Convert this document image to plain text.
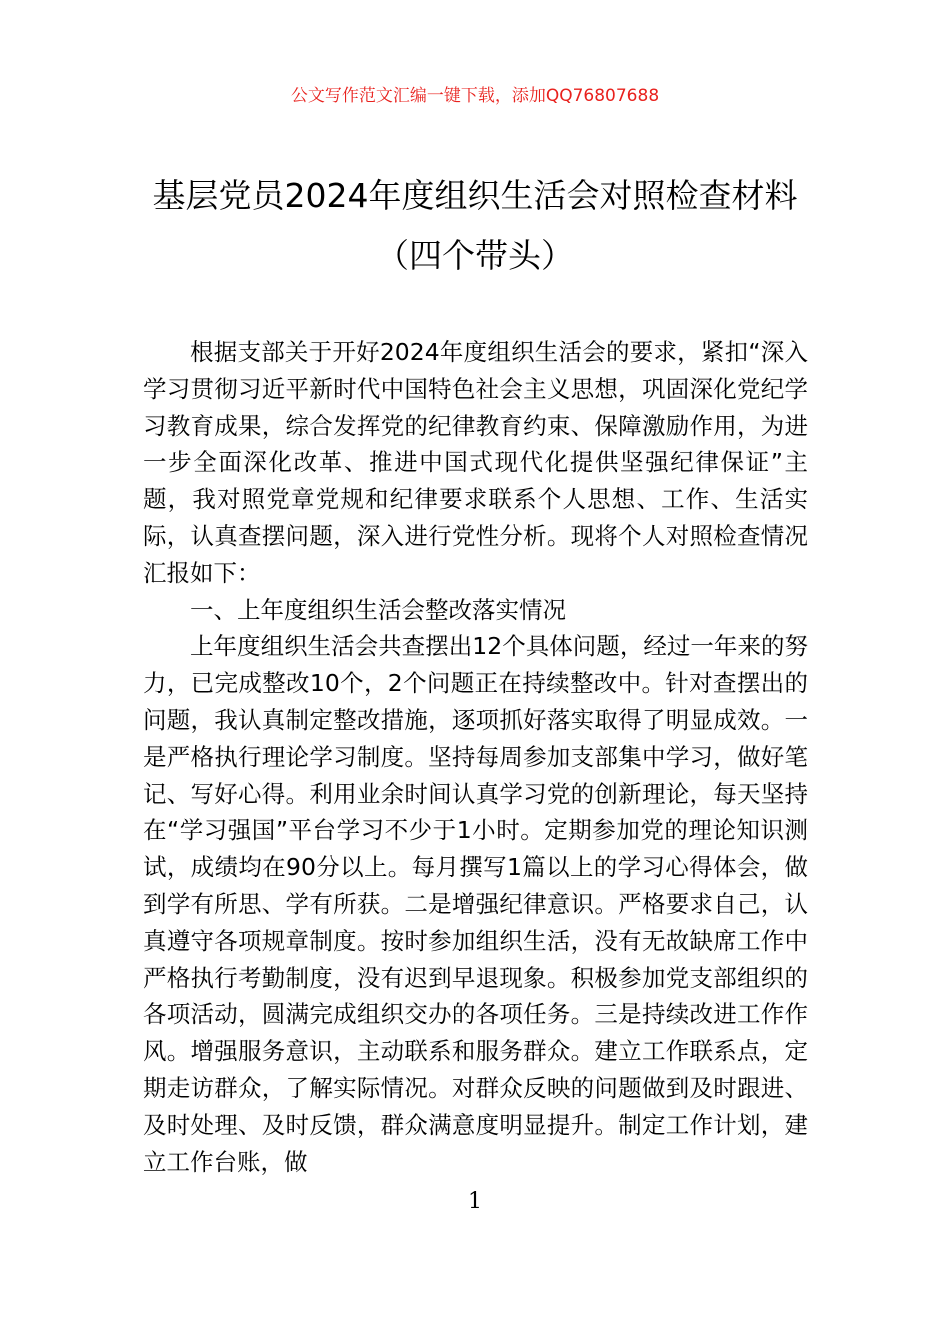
公文写作范文汇编一键下载，添加QQ76807688
基层党员2024年度组织生活会对照检查材料（四个带头）

根据支部关于开好2024年度组织生活会的要求，紧扣“深入学习贯彻习近平新时代中国特色社会主义思想，巩固深化党纪学习教育成果，综合发挥党的纪律教育约束、保障激励作用，为进一步全面深化改革、推进中国式现代化提供坚强纪律保证”主题，我对照党章党规和纪律要求联系个人思想、工作、生活实际，认真查摆问题，深入进行党性分析。现将个人对照检查情况汇报如下：

一、上年度组织生活会整改落实情况

上年度组织生活会共查摆出12个具体问题，经过一年来的努力，已完成整改10个，2个问题正在持续整改中。针对查摆出的问题，我认真制定整改措施，逐项抓好落实取得了明显成效。一是严格执行理论学习制度。坚持每周参加支部集中学习，做好笔记、写好心得。利用业余时间认真学习党的创新理论，每天坚持在“学习强国”平台学习不少于1小时。定期参加党的理论知识测试，成绩均在90分以上。每月撰写1篇以上的学习心得体会，做到学有所思、学有所获。二是增强纪律意识。严格要求自己，认真遵守各项规章制度。按时参加组织生活，没有无故缺席工作中严格执行考勤制度，没有迟到早退现象。积极参加党支部组织的各项活动，圆满完成组织交办的各项任务。三是持续改进工作作风。增强服务意识，主动联系和服务群众。建立工作联系点，定期走访群众，了解实际情况。对群众反映的问题做到及时跟进、及时处理、及时反馈，群众满意度明显提升。制定工作计划，建立工作台账，做

1
